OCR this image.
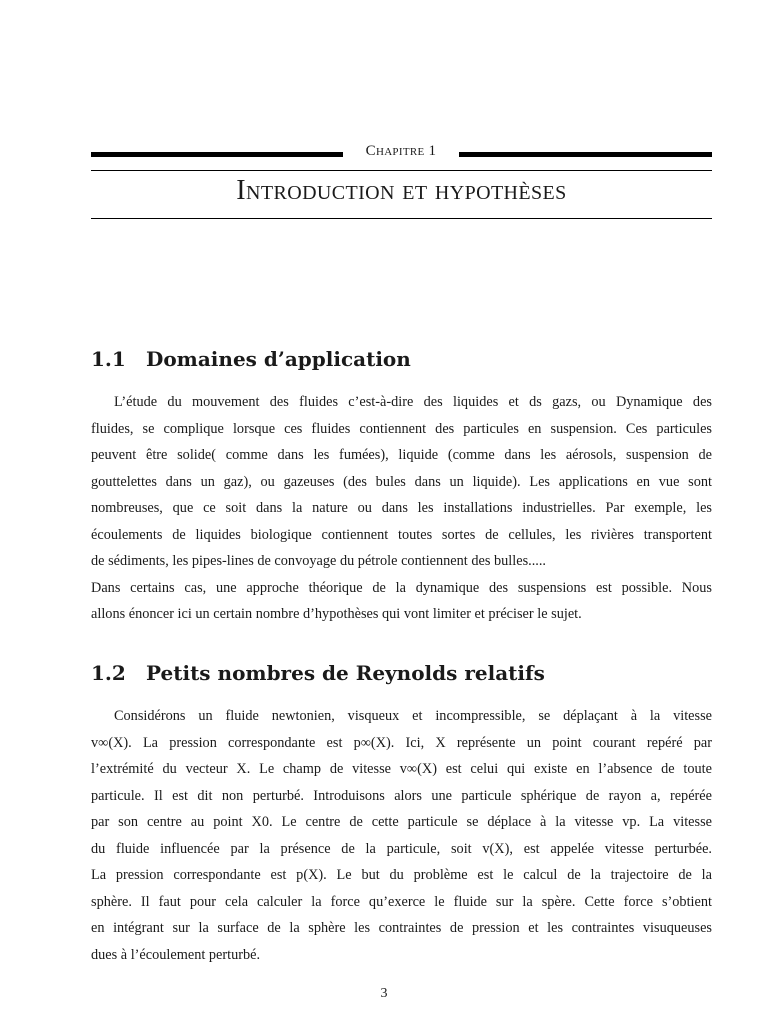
Chapitre 1
Introduction et hypothèses
1.1 Domaines d’application
L’étude du mouvement des fluides c’est-à-dire des liquides et ds gazs, ou Dynamique des
fluides, se complique lorsque ces fluides contiennent des particules en suspension. Ces particules
peuvent être solide( comme dans les fumées), liquide (comme dans les aérosols, suspension de
gouttelettes dans un gaz), ou gazeuses (des bules dans un liquide). Les applications en vue sont
nombreuses, que ce soit dans la nature ou dans les installations industrielles. Par exemple, les
écoulements de liquides biologique contiennent toutes sortes de cellules, les rivières transportent
de sédiments, les pipes-lines de convoyage du pétrole contiennent des bulles.....
Dans certains cas, une approche théorique de la dynamique des suspensions est possible. Nous
allons énoncer ici un certain nombre d’hypothèses qui vont limiter et préciser le sujet.
1.2 Petits nombres de Reynolds relatifs
Considérons un fluide newtonien, visqueux et incompressible, se déplaçant à la vitesse
v∞(X). La pression correspondante est p∞(X). Ici, X représente un point courant repéré par
l’extrémité du vecteur X. Le champ de vitesse v∞(X) est celui qui existe en l’absence de toute
particule. Il est dit non perturbé. Introduisons alors une particule sphérique de rayon a, repérée
par son centre au point X0. Le centre de cette particule se déplace à la vitesse vp. La vitesse
du fluide influencée par la présence de la particule, soit v(X), est appelée vitesse perturbée.
La pression correspondante est p(X). Le but du problème est le calcul de la trajectoire de la
sphère. Il faut pour cela calculer la force qu’exerce le fluide sur la spère. Cette force s’obtient
en intégrant sur la surface de la sphère les contraintes de pression et les contraintes visuqueuses
dues à l’écoulement perturbé.
3
